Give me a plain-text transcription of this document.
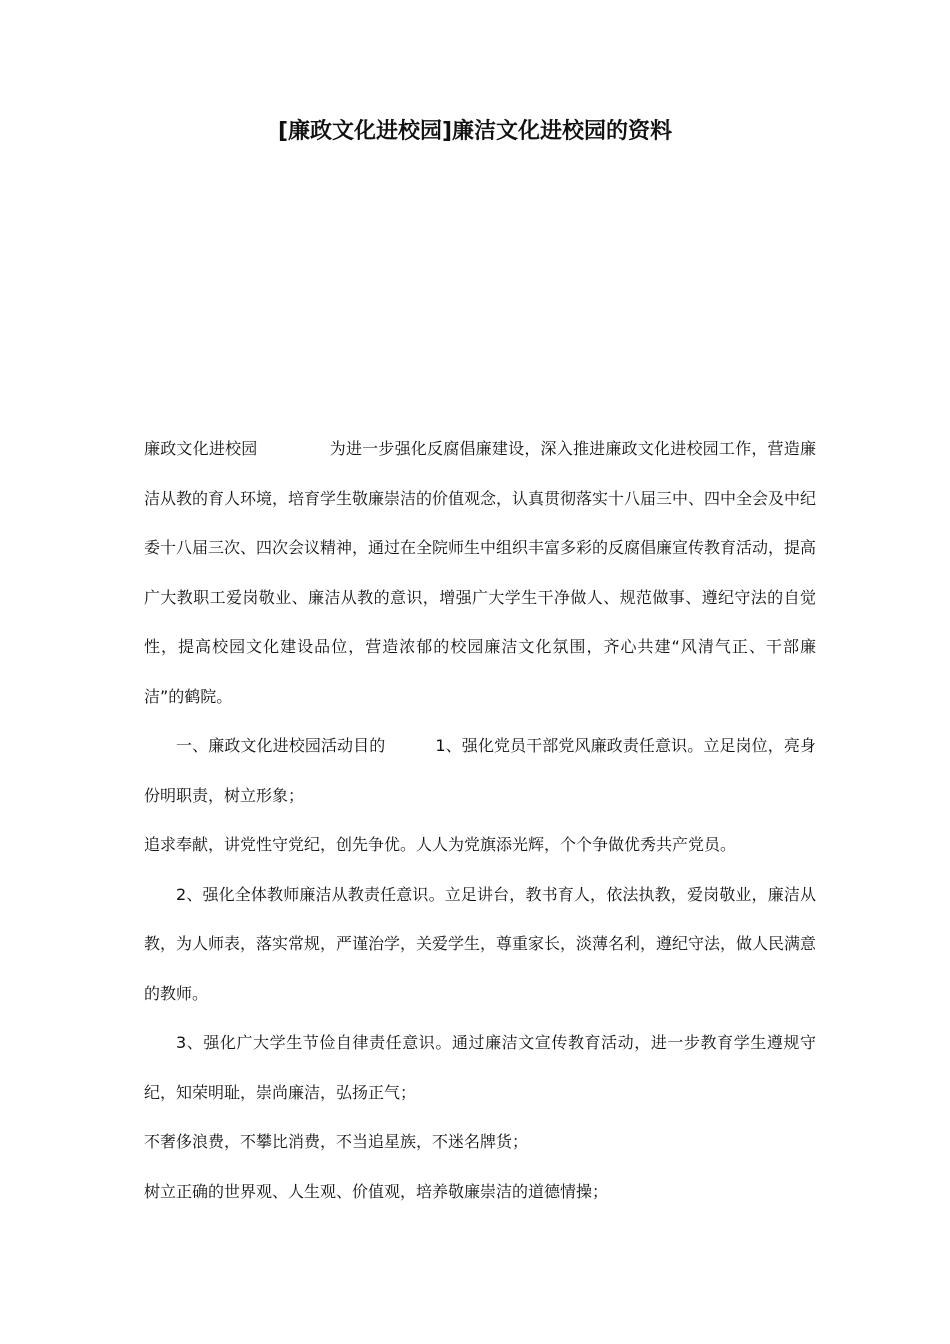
[廉政文化进校园]廉洁文化进校园的资料

廉政文化进校园	为进一步强化反腐倡廉建设，深入推进廉政文化进校园工作，营造廉洁从教的育人环境，培育学生敬廉崇洁的价值观念，认真贯彻落实十八届三中、四中全会及中纪委十八届三次、四次会议精神，通过在全院师生中组织丰富多彩的反腐倡廉宣传教育活动，提高广大教职工爱岗敬业、廉洁从教的意识，增强广大学生干净做人、规范做事、遵纪守法的自觉性，提高校园文化建设品位，营造浓郁的校园廉洁文化氛围，齐心共建“风清气正、干部廉洁”的鹤院。

一、廉政文化进校园活动目的	1、强化党员干部党风廉政责任意识。立足岗位，亮身份明职责，树立形象；

追求奉献，讲党性守党纪，创先争优。人人为党旗添光辉，个个争做优秀共产党员。

2、强化全体教师廉洁从教责任意识。立足讲台，教书育人，依法执教，爱岗敬业，廉洁从教，为人师表，落实常规，严谨治学，关爱学生，尊重家长，淡薄名利，遵纪守法，做人民满意的教师。

3、强化广大学生节俭自律责任意识。通过廉洁文宣传教育活动，进一步教育学生遵规守纪，知荣明耻，崇尚廉洁，弘扬正气；

不奢侈浪费，不攀比消费，不当追星族，不迷名牌货；

树立正确的世界观、人生观、价值观，培养敬廉崇洁的道德情操；
